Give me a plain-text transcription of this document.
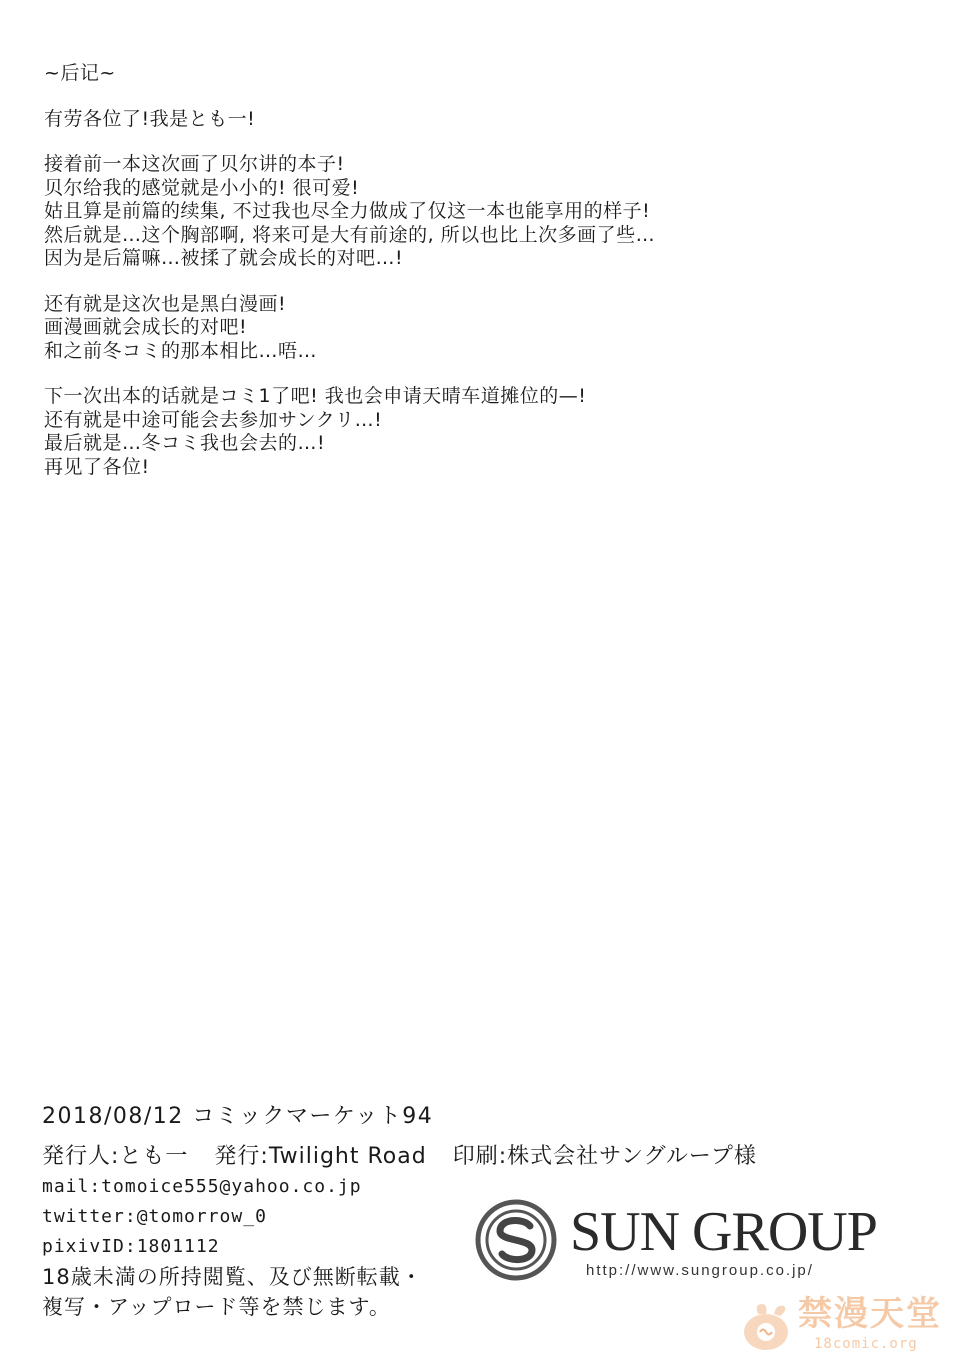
~后记~
有劳各位了!我是とも一!
接着前一本这次画了贝尔讲的本子!
贝尔给我的感觉就是小小的! 很可爱!
姑且算是前篇的续集, 不过我也尽全力做成了仅这一本也能享用的样子!
然后就是…这个胸部啊, 将来可是大有前途的, 所以也比上次多画了些…
因为是后篇嘛…被揉了就会成长的对吧…!
还有就是这次也是黑白漫画!
画漫画就会成长的对吧!
和之前冬コミ的那本相比…唔…
下一次出本的话就是コミ1了吧! 我也会申请天晴车道摊位的—!
还有就是中途可能会去参加サンクリ…!
最后就是…冬コミ我也会去的…!
再见了各位!
2018/08/12 コミックマーケット94
発行人:とも一 発行:Twilight Road 印刷:株式会社サングループ様
mail:tomoice555@yahoo.co.jp
twitter:@tomorrow_0
pixivID:1801112
18歳未満の所持閲覧、及び無断転載・
複写・アップロード等を禁じます。
SUN GROUP
http://www.sungroup.co.jp/
禁漫天堂
18comic.org
